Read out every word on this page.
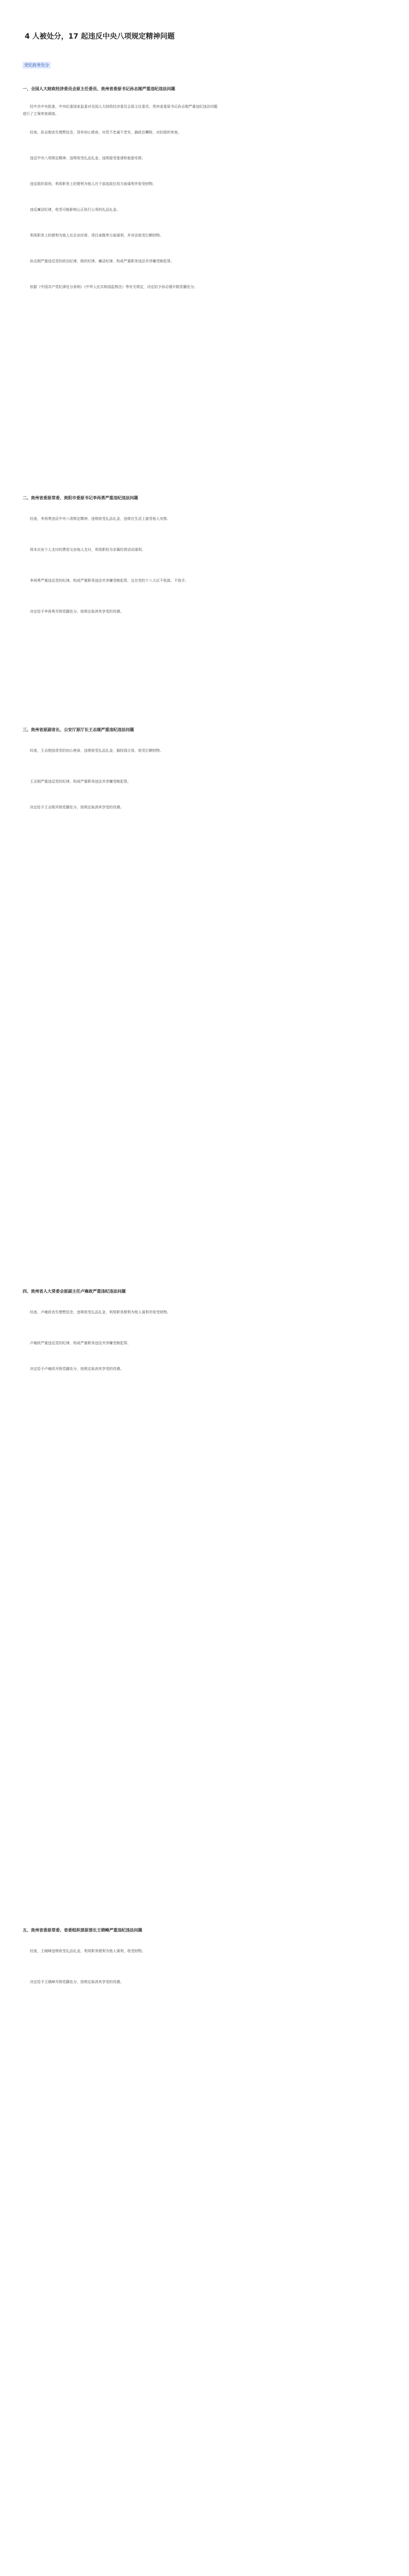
4 人被处分，17 起违反中央八项规定精神问题
党纪政务处分
一、全国人大财政经济委员会原主任委员、贵州省委原书记孙志刚严重违纪违法问题
经中共中央批准，中央纪委国家监委对全国人大财政经济委员会原主任委员、贵州省委原书记孙志刚严重违纪违法问题进行了立案审查调查。
经查，孙志刚丧失理想信念，背弃初心使命，对党不忠诚不老实，搞政治攀附，对抗组织审查。
违反中央八项规定精神，违规收受礼品礼金，违规接受宴请和旅游安排。
违反组织原则，利用职务上的便利为他人在干部选拔任用方面谋利并收受财物。
违反廉洁纪律，收受可能影响公正执行公务的礼品礼金。
利用职务上的便利为他人在企业经营、项目承揽等方面谋利，并非法收受巨额财物。
孙志刚严重违反党的政治纪律、组织纪律、廉洁纪律，构成严重职务违法并涉嫌受贿犯罪。
依据《中国共产党纪律处分条例》《中华人民共和国监察法》等有关规定，决定给予孙志刚开除党籍处分。
二、贵州省委原常委、贵阳市委原书记李再勇严重违纪违法问题
经查，李再勇违反中央八项规定精神，违规收受礼品礼金，违规在生活上接受他人安排。
将本应由个人支付的费用交由他人支付，利用职权为亲属经营活动谋利。
李再勇严重违反党的纪律，构成严重职务违法并涉嫌受贿犯罪，且在党的十八大后不收敛、不收手。
决定给予李再勇开除党籍处分，按规定取消其享受的待遇。
三、贵州省原副省长、公安厅原厅长王志刚严重违纪违法问题
经查，王志刚违背党的初心使命，违规收受礼品礼金，搞权钱交易，收受巨额财物。
王志刚严重违反党的纪律，构成严重职务违法并涉嫌受贿犯罪。
决定给予王志刚开除党籍处分，按规定取消其享受的待遇。
四、贵州省人大常委会原副主任卢雍政严重违纪违法问题
经查，卢雍政丧失理想信念，违规收受礼品礼金，利用职务便利为他人谋利并收受财物。
卢雍政严重违反党的纪律，构成严重职务违法并涉嫌受贿犯罪。
决定给予卢雍政开除党籍处分，按规定取消其享受的待遇。
五、贵州省委原常委、省委组织部原部长王晓峰严重违纪违法问题
经查，王晓峰违规收受礼品礼金，利用职务便利为他人谋利，收受财物。
决定给予王晓峰开除党籍处分，按规定取消其享受的待遇。
